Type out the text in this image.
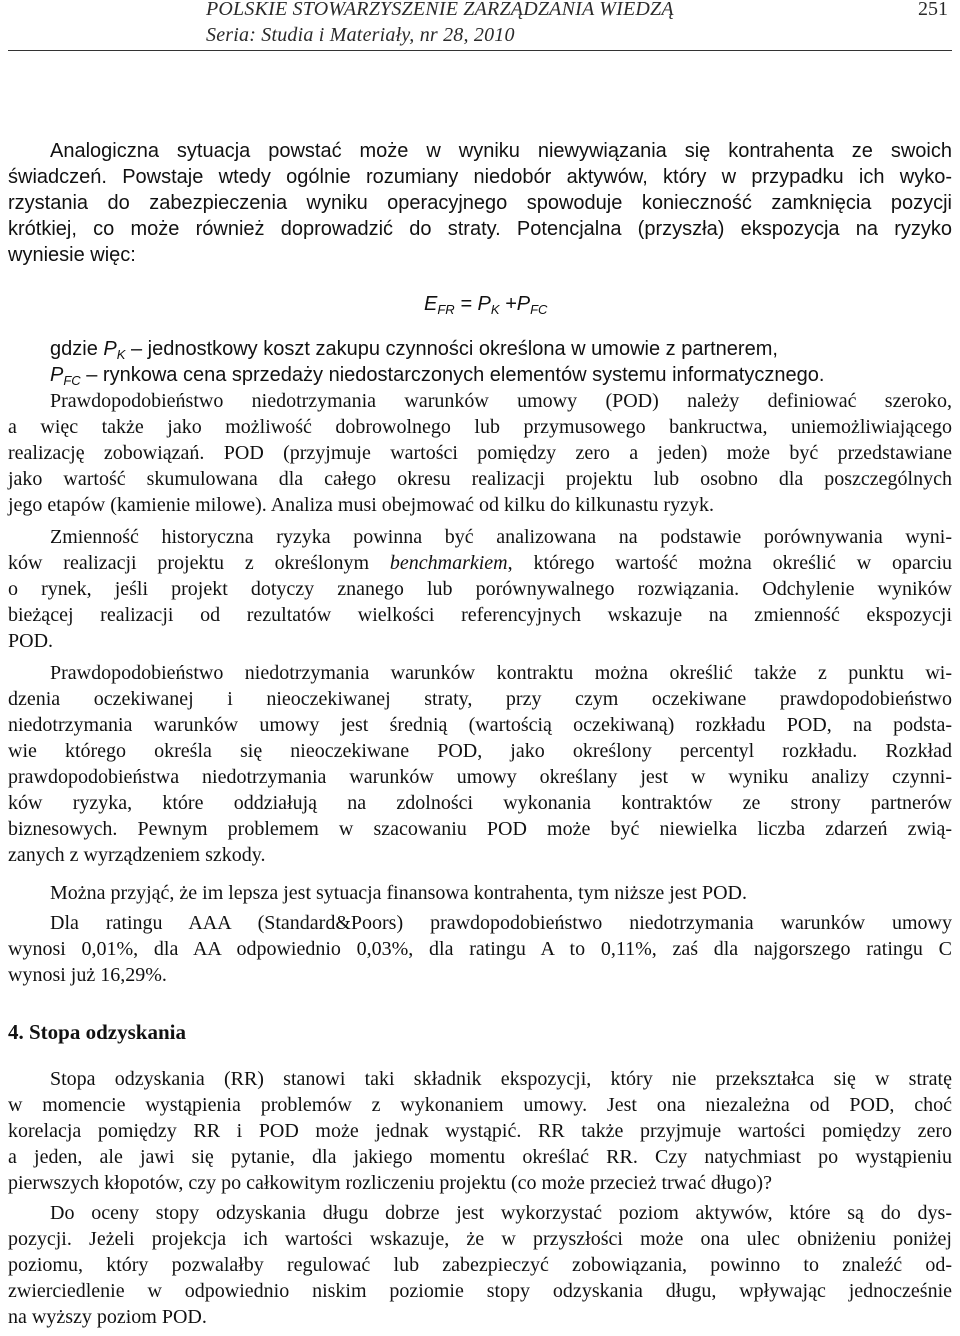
POLSKIE STOWARZYSZENIE ZARZĄDZANIA WIEDZĄ
Seria: Studia i Materiały, nr 28, 2010
251
Analogiczna sytuacja powstać może w wyniku niewywiązania się kontrahenta ze swoich
świadczeń. Powstaje wtedy ogólnie rozumiany niedobór aktywów, który w przypadku ich wyko-
rzystania do zabezpieczenia wyniku operacyjnego spowoduje konieczność zamknięcia pozycji
krótkiej, co może również doprowadzić do straty. Potencjalna (przyszła) ekspozycja na ryzyko
wyniesie więc:
$E_{FR} = P_K +P_{FC}$
gdzie $P_K$ – jednostkowy koszt zakupu czynności określona w umowie z partnerem,
$P_{FC}$ – rynkowa cena sprzedaży niedostarczonych elementów systemu informatycznego.
Prawdopodobieństwo niedotrzymania warunków umowy (POD) należy definiować szeroko,
a więc także jako możliwość dobrowolnego lub przymusowego bankructwa, uniemożliwiającego
realizację zobowiązań. POD (przyjmuje wartości pomiędzy zero a jeden) może być przedstawiane
jako wartość skumulowana dla całego okresu realizacji projektu lub osobno dla poszczególnych
jego etapów (kamienie milowe). Analiza musi obejmować od kilku do kilkunastu ryzyk.
Zmienność historyczna ryzyka powinna być analizowana na podstawie porównywania wyni-
ków realizacji projektu z określonym benchmarkiem, którego wartość można określić w oparciu
o rynek, jeśli projekt dotyczy znanego lub porównywalnego rozwiązania. Odchylenie wyników
bieżącej realizacji od rezultatów wielkości referencyjnych wskazuje na zmienność ekspozycji
POD.
Prawdopodobieństwo niedotrzymania warunków kontraktu można określić także z punktu wi-
dzenia oczekiwanej i nieoczekiwanej straty, przy czym oczekiwane prawdopodobieństwo
niedotrzymania warunków umowy jest średnią (wartością oczekiwaną) rozkładu POD, na podsta-
wie którego określa się nieoczekiwane POD, jako określony percentyl rozkładu. Rozkład
prawdopodobieństwa niedotrzymania warunków umowy określany jest w wyniku analizy czynni-
ków ryzyka, które oddziałują na zdolności wykonania kontraktów ze strony partnerów
biznesowych. Pewnym problemem w szacowaniu POD może być niewielka liczba zdarzeń zwią-
zanych z wyrządzeniem szkody.
Można przyjąć, że im lepsza jest sytuacja finansowa kontrahenta, tym niższe jest POD.
Dla ratingu AAA (Standard&Poors) prawdopodobieństwo niedotrzymania warunków umowy
wynosi 0,01%, dla AA odpowiednio 0,03%, dla ratingu A to 0,11%, zaś dla najgorszego ratingu C
wynosi już 16,29%.
4. Stopa odzyskania
Stopa odzyskania (RR) stanowi taki składnik ekspozycji, który nie przekształca się w stratę
w momencie wystąpienia problemów z wykonaniem umowy. Jest ona niezależna od POD, choć
korelacja pomiędzy RR i POD może jednak wystąpić. RR także przyjmuje wartości pomiędzy zero
a jeden, ale jawi się pytanie, dla jakiego momentu określać RR. Czy natychmiast po wystąpieniu
pierwszych kłopotów, czy po całkowitym rozliczeniu projektu (co może przecież trwać długo)?
Do oceny stopy odzyskania długu dobrze jest wykorzystać poziom aktywów, które są do dys-
pozycji. Jeżeli projekcja ich wartości wskazuje, że w przyszłości może ona ulec obniżeniu poniżej
poziomu, który pozwalałby regulować lub zabezpieczyć zobowiązania, powinno to znaleźć od-
zwierciedlenie w odpowiednio niskim poziomie stopy odzyskania długu, wpływając jednocześnie
na wyższy poziom POD.
